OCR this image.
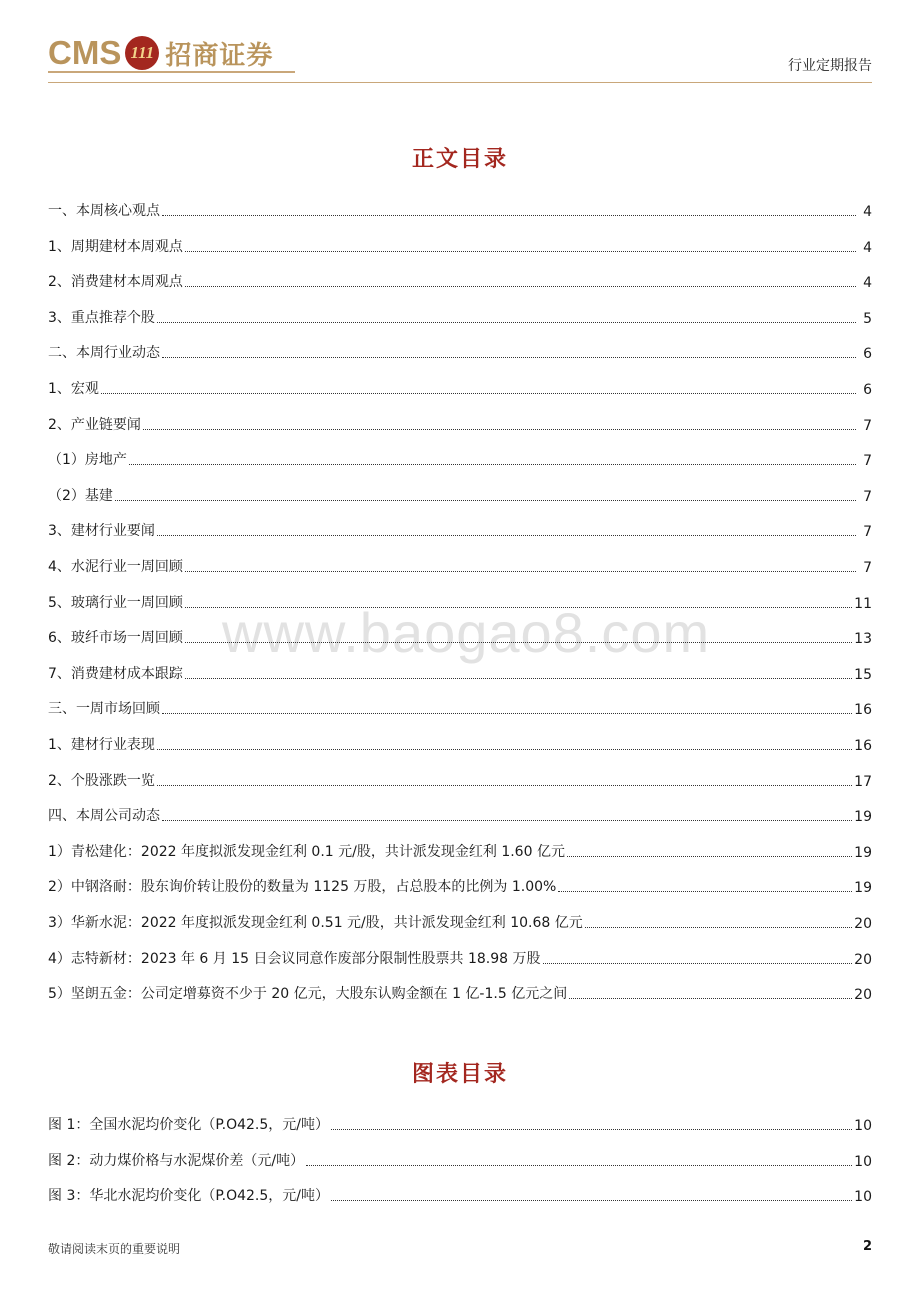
CMS 111 招商证券	行业定期报告
www.baogao8.com
正文目录
一、本周核心观点	4
1、周期建材本周观点	4
2、消费建材本周观点	4
3、重点推荐个股	5
二、本周行业动态	6
1、宏观	6
2、产业链要闻	7
（1）房地产	7
（2）基建	7
3、建材行业要闻	7
4、水泥行业一周回顾	7
5、玻璃行业一周回顾	11
6、玻纤市场一周回顾	13
7、消费建材成本跟踪	15
三、一周市场回顾	16
1、建材行业表现	16
2、个股涨跌一览	17
四、本周公司动态	19
1）青松建化：2022 年度拟派发现金红利 0.1 元/股，共计派发现金红利 1.60 亿元	19
2）中钢洛耐：股东询价转让股份的数量为 1125 万股，占总股本的比例为 1.00%	19
3）华新水泥：2022 年度拟派发现金红利 0.51 元/股，共计派发现金红利 10.68 亿元	20
4）志特新材：2023 年 6 月 15 日会议同意作废部分限制性股票共 18.98 万股	20
5）坚朗五金：公司定增募资不少于 20 亿元，大股东认购金额在 1 亿-1.5 亿元之间	20
图表目录
图 1：全国水泥均价变化（P.O42.5，元/吨）	10
图 2：动力煤价格与水泥煤价差（元/吨）	10
图 3：华北水泥均价变化（P.O42.5，元/吨）	10
敬请阅读末页的重要说明	2
